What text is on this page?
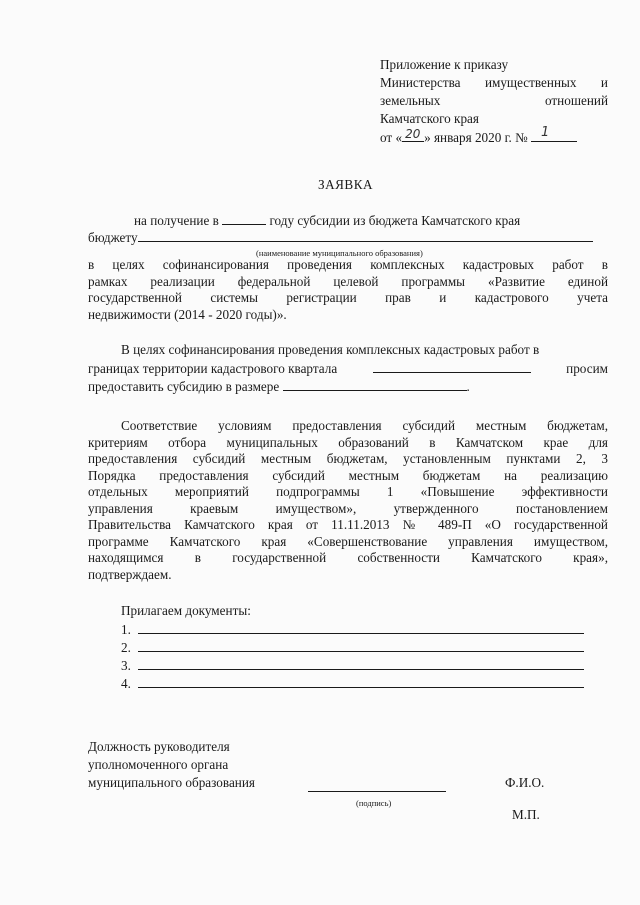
Приложение к приказу
Министерства имущественных и
земельных	отношений
Камчатского края
от « 20 » января 2020 г. № 1
ЗАЯВКА
на получение в	году субсидии из бюджета Камчатского края
бюджету
(наименование муниципального образования)
в целях софинансирования проведения комплексных кадастровых работ в
рамках реализации федеральной целевой программы «Развитие единой
государственной системы регистрации прав и кадастрового учета
недвижимости (2014 - 2020 годы)».
В целях софинансирования проведения комплексных кадастровых работ в
границах территории кадастрового квартала	просим
предоставить субсидию в размере	.
Соответствие условиям предоставления субсидий местным бюджетам,
критериям отбора муниципальных образований в Камчатском крае для
предоставления субсидий местным бюджетам, установленным пунктами 2, 3
Порядка предоставления субсидий местным бюджетам на реализацию
отдельных мероприятий подпрограммы 1 «Повышение эффективности
управления краевым имуществом», утвержденного постановлением
Правительства Камчатского края от 11.11.2013 № 489-П «О государственной
программе Камчатского края «Совершенствование управления имуществом,
находящимся в государственной собственности Камчатского края»,
подтверждаем.
Прилагаем документы:
1.
2.
3.
4.
Должность руководителя
уполномоченного органа
муниципального образования
(подпись)
Ф.И.О.
М.П.
